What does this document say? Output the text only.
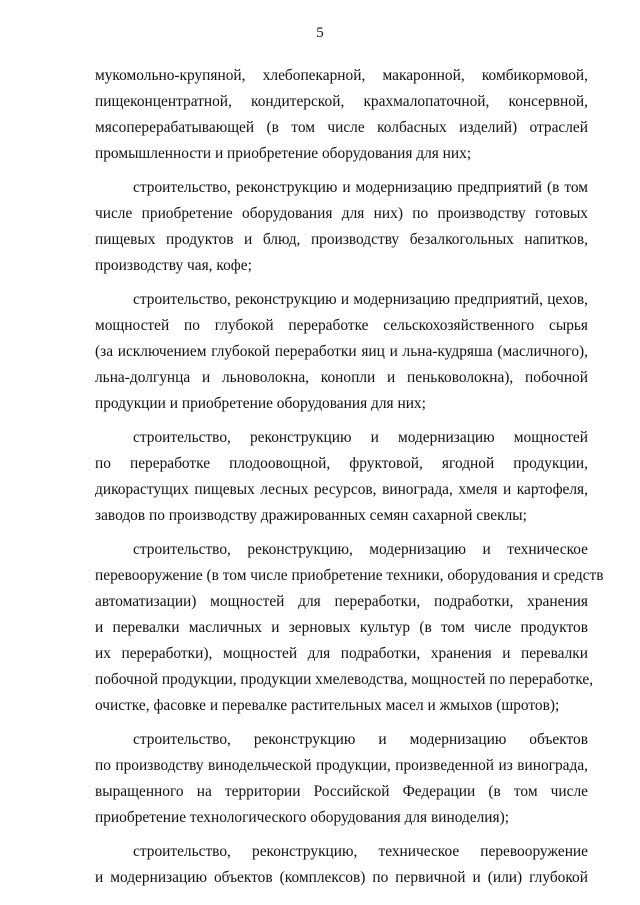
5
мукомольно-крупяной, хлебопекарной, макаронной, комбикормовой,
пищеконцентратной, кондитерской, крахмалопаточной, консервной,
мясоперерабатывающей (в том числе колбасных изделий) отраслей
промышленности и приобретение оборудования для них;
строительство, реконструкцию и модернизацию предприятий (в том
числе приобретение оборудования для них) по производству готовых
пищевых продуктов и блюд, производству безалкогольных напитков,
производству чая, кофе;
строительство, реконструкцию и модернизацию предприятий, цехов,
мощностей по глубокой переработке сельскохозяйственного сырья
(за исключением глубокой переработки яиц и льна-кудряша (масличного),
льна-долгунца и льноволокна, конопли и пеньковолокна), побочной
продукции и приобретение оборудования для них;
строительство, реконструкцию и модернизацию мощностей
по переработке плодоовощной, фруктовой, ягодной продукции,
дикорастущих пищевых лесных ресурсов, винограда, хмеля и картофеля,
заводов по производству дражированных семян сахарной свеклы;
строительство, реконструкцию, модернизацию и техническое
перевооружение (в том числе приобретение техники, оборудования и средств
автоматизации) мощностей для переработки, подработки, хранения
и перевалки масличных и зерновых культур (в том числе продуктов
их переработки), мощностей для подработки, хранения и перевалки
побочной продукции, продукции хмелеводства, мощностей по переработке,
очистке, фасовке и перевалке растительных масел и жмыхов (шротов);
строительство, реконструкцию и модернизацию объектов
по производству винодельческой продукции, произведенной из винограда,
выращенного на территории Российской Федерации (в том числе
приобретение технологического оборудования для виноделия);
строительство, реконструкцию, техническое перевооружение
и модернизацию объектов (комплексов) по первичной и (или) глубокой
